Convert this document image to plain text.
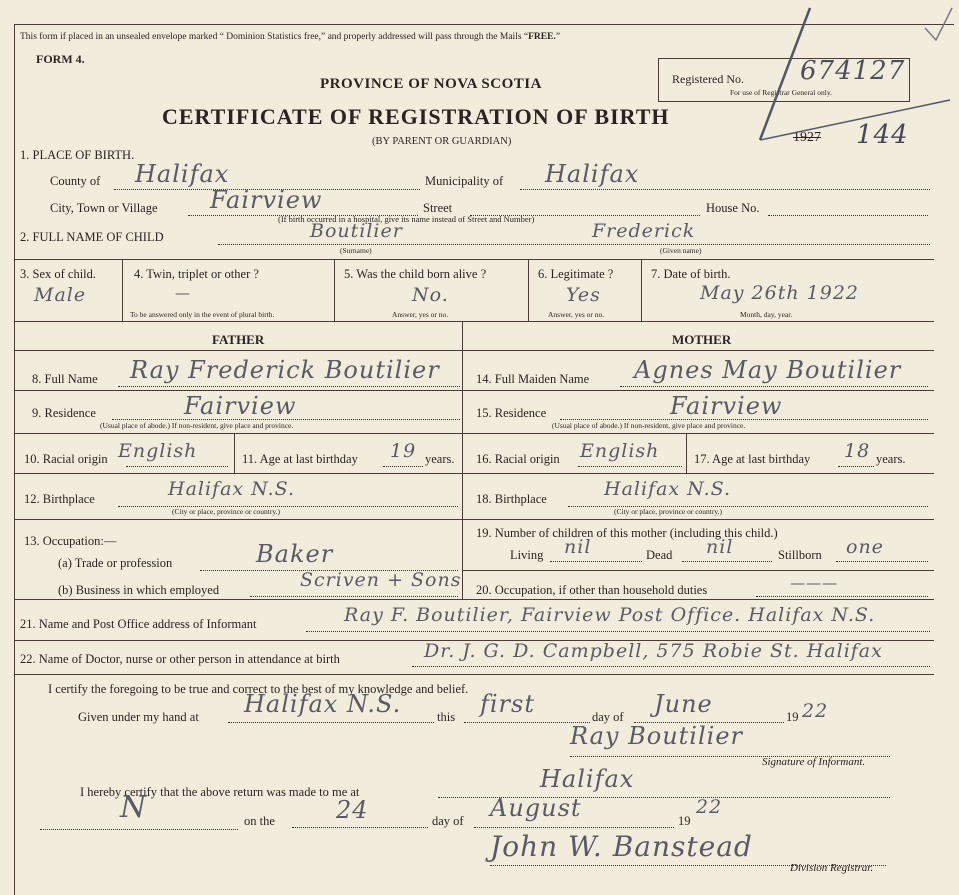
This form if placed in an unsealed envelope marked “ Dominion Statistics free,” and properly addressed will pass through the Mails “FREE.”
FORM 4.
PROVINCE OF NOVA SCOTIA
CERTIFICATE OF REGISTRATION OF BIRTH
(BY PARENT OR GUARDIAN)
Registered No. 674127
For use of Registrar General only.
1927 144
1. PLACE OF BIRTH.
County of Halifax	Municipality of Halifax
City, Town or Village Fairview	Street	House No.
(If birth occurred in a hospital, give its name instead of Street and Number)
2. FULL NAME OF CHILD	Boutilier	Frederick
(Surname)	(Given name)
3. Sex of child.
Male
4. Twin, triplet or other ?
—
To be answered only in the event of plural birth.
5. Was the child born alive ?
No.
Answer, yes or no.
6. Legitimate ?
Yes
Answer, yes or no.
7. Date of birth.
May 26th 1922
Month, day, year.
FATHER	MOTHER
8. Full Name Ray Frederick Boutilier
9. Residence	Fairview
(Usual place of abode.) If non-resident, give place and province.
10. Racial origin English	11. Age at last birthday 19 years.
12. Birthplace	Halifax N.S.
(City or place, province or country.)
13. Occupation:—
(a) Trade or profession	Baker
(b) Business in which employed	Scriven + Sons
14. Full Maiden Name Agnes May Boutilier
15. Residence	Fairview
(Usual place of abode.) If non-resident, give place and province.
16. Racial origin English	17. Age at last birthday 18 years.
18. Birthplace	Halifax N.S.
(City or place, province or country.)
19. Number of children of this mother (including this child.)
Living nil	Dead nil	Stillborn one
20. Occupation, if other than household duties	———
21. Name and Post Office address of Informant	Ray F. Boutilier, Fairview Post Office. Halifax N.S.
22. Name of Doctor, nurse or other person in attendance at birth	Dr. J. G. D. Campbell, 575 Robie St. Halifax
I certify the foregoing to be true and correct to the best of my knowledge and belief.
Given under my hand at Halifax N.S.	this first	day of June	19 22
Ray Boutilier
Signature of Informant.
I hereby certify that the above return was made to me at	Halifax
N	on the	24	day of August	19
22
John W. Banstead
Division Registrar.
